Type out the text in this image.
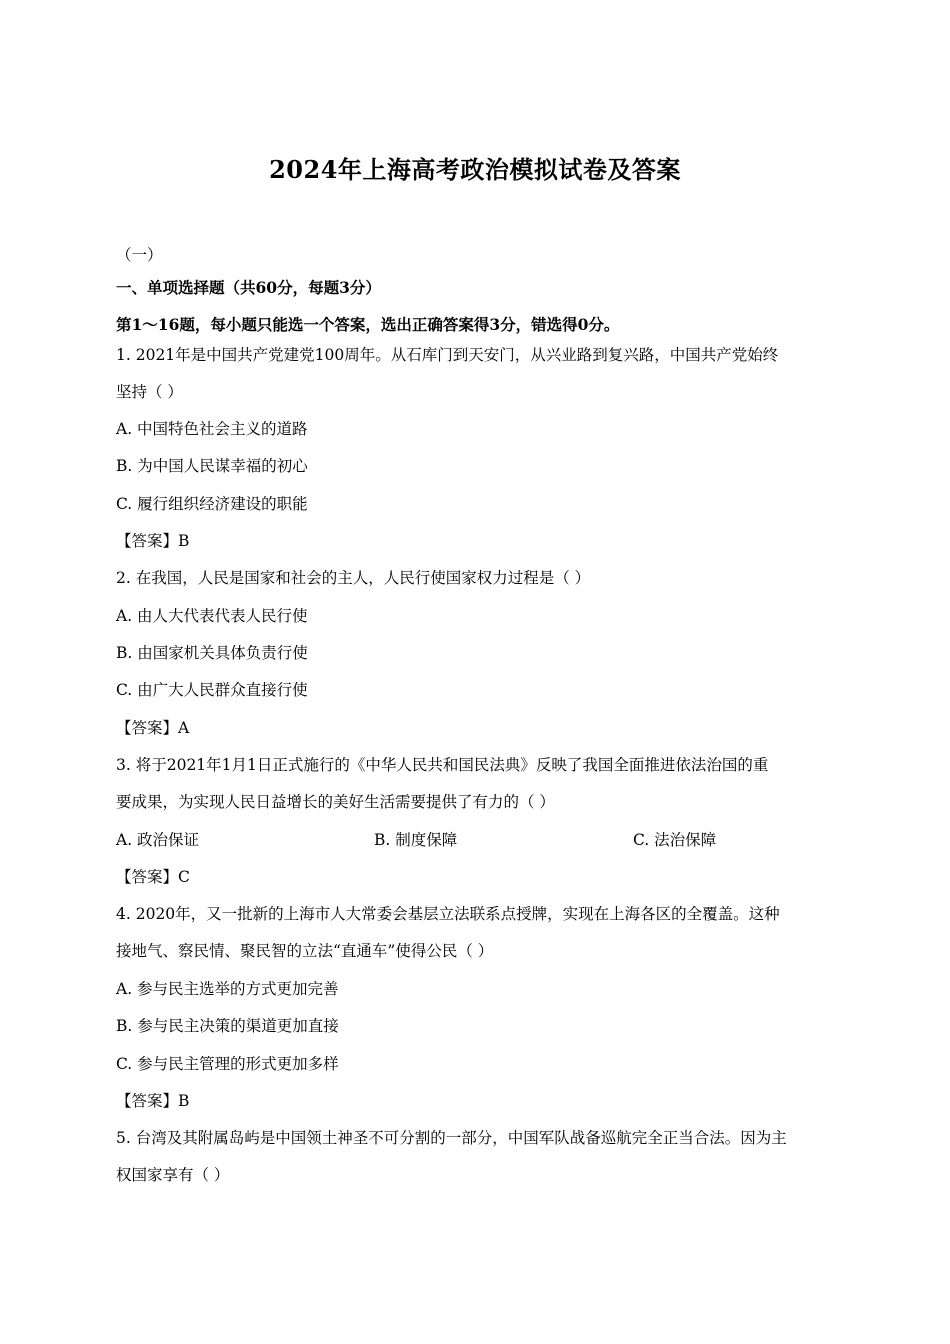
2024年上海高考政治模拟试卷及答案
（一）
一、单项选择题（共60分，每题3分）
第1～16题，每小题只能选一个答案，选出正确答案得3分，错选得0分。
1. 2021年是中国共产党建党100周年。从石库门到天安门，从兴业路到复兴路，中国共产党始终
坚持（ ）
A. 中国特色社会主义的道路
B. 为中国人民谋幸福的初心
C. 履行组织经济建设的职能
【答案】B
2. 在我国，人民是国家和社会的主人，人民行使国家权力过程是（ ）
A. 由人大代表代表人民行使
B. 由国家机关具体负责行使
C. 由广大人民群众直接行使
【答案】A
3. 将于2021年1月1日正式施行的《中华人民共和国民法典》反映了我国全面推进依法治国的重
要成果，为实现人民日益增长的美好生活需要提供了有力的（ ）
A. 政治保证	B. 制度保障	C. 法治保障
【答案】C
4. 2020年，又一批新的上海市人大常委会基层立法联系点授牌，实现在上海各区的全覆盖。这种
接地气、察民情、聚民智的立法“直通车”使得公民（ ）
A. 参与民主选举的方式更加完善
B. 参与民主决策的渠道更加直接
C. 参与民主管理的形式更加多样
【答案】B
5. 台湾及其附属岛屿是中国领土神圣不可分割的一部分，中国军队战备巡航完全正当合法。因为主
权国家享有（ ）
